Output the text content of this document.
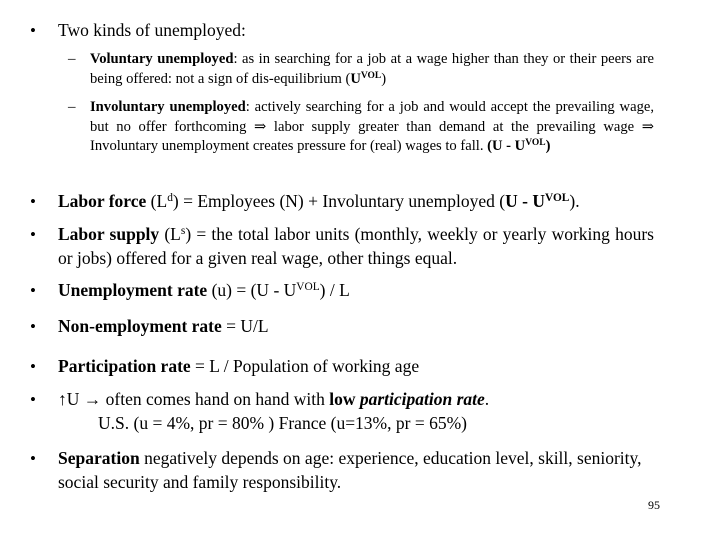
• Two kinds of unemployed:
– Voluntary unemployed: as in searching for a job at a wage higher than they or their peers are being offered: not a sign of dis-equilibrium $(U^{VOL})$
– Involuntary unemployed: actively searching for a job and would accept the prevailing wage, but no offer forthcoming ⇒ labor supply greater than demand at the prevailing wage ⇒ Involuntary unemployment creates pressure for (real) wages to fall. $(U - U^{VOL})$
• Labor force $(L^d)$ = Employees (N) + Involuntary unemployed $(U - U^{VOL})$.
• Labor supply $(L^s)$ = the total labor units (monthly, weekly or yearly working hours or jobs) offered for a given real wage, other things equal.
• Unemployment rate $(u) = (U - U^{VOL}) / L$
• Non-employment rate = U/L
• Participation rate = L / Population of working age
• ↑U → often comes hand on hand with low participation rate.
U.S. (u = 4%, pr = 80% ) France (u=13%, pr = 65%)
• Separation negatively depends on age: experience, education level, skill, seniority, social security and family responsibility.
95
